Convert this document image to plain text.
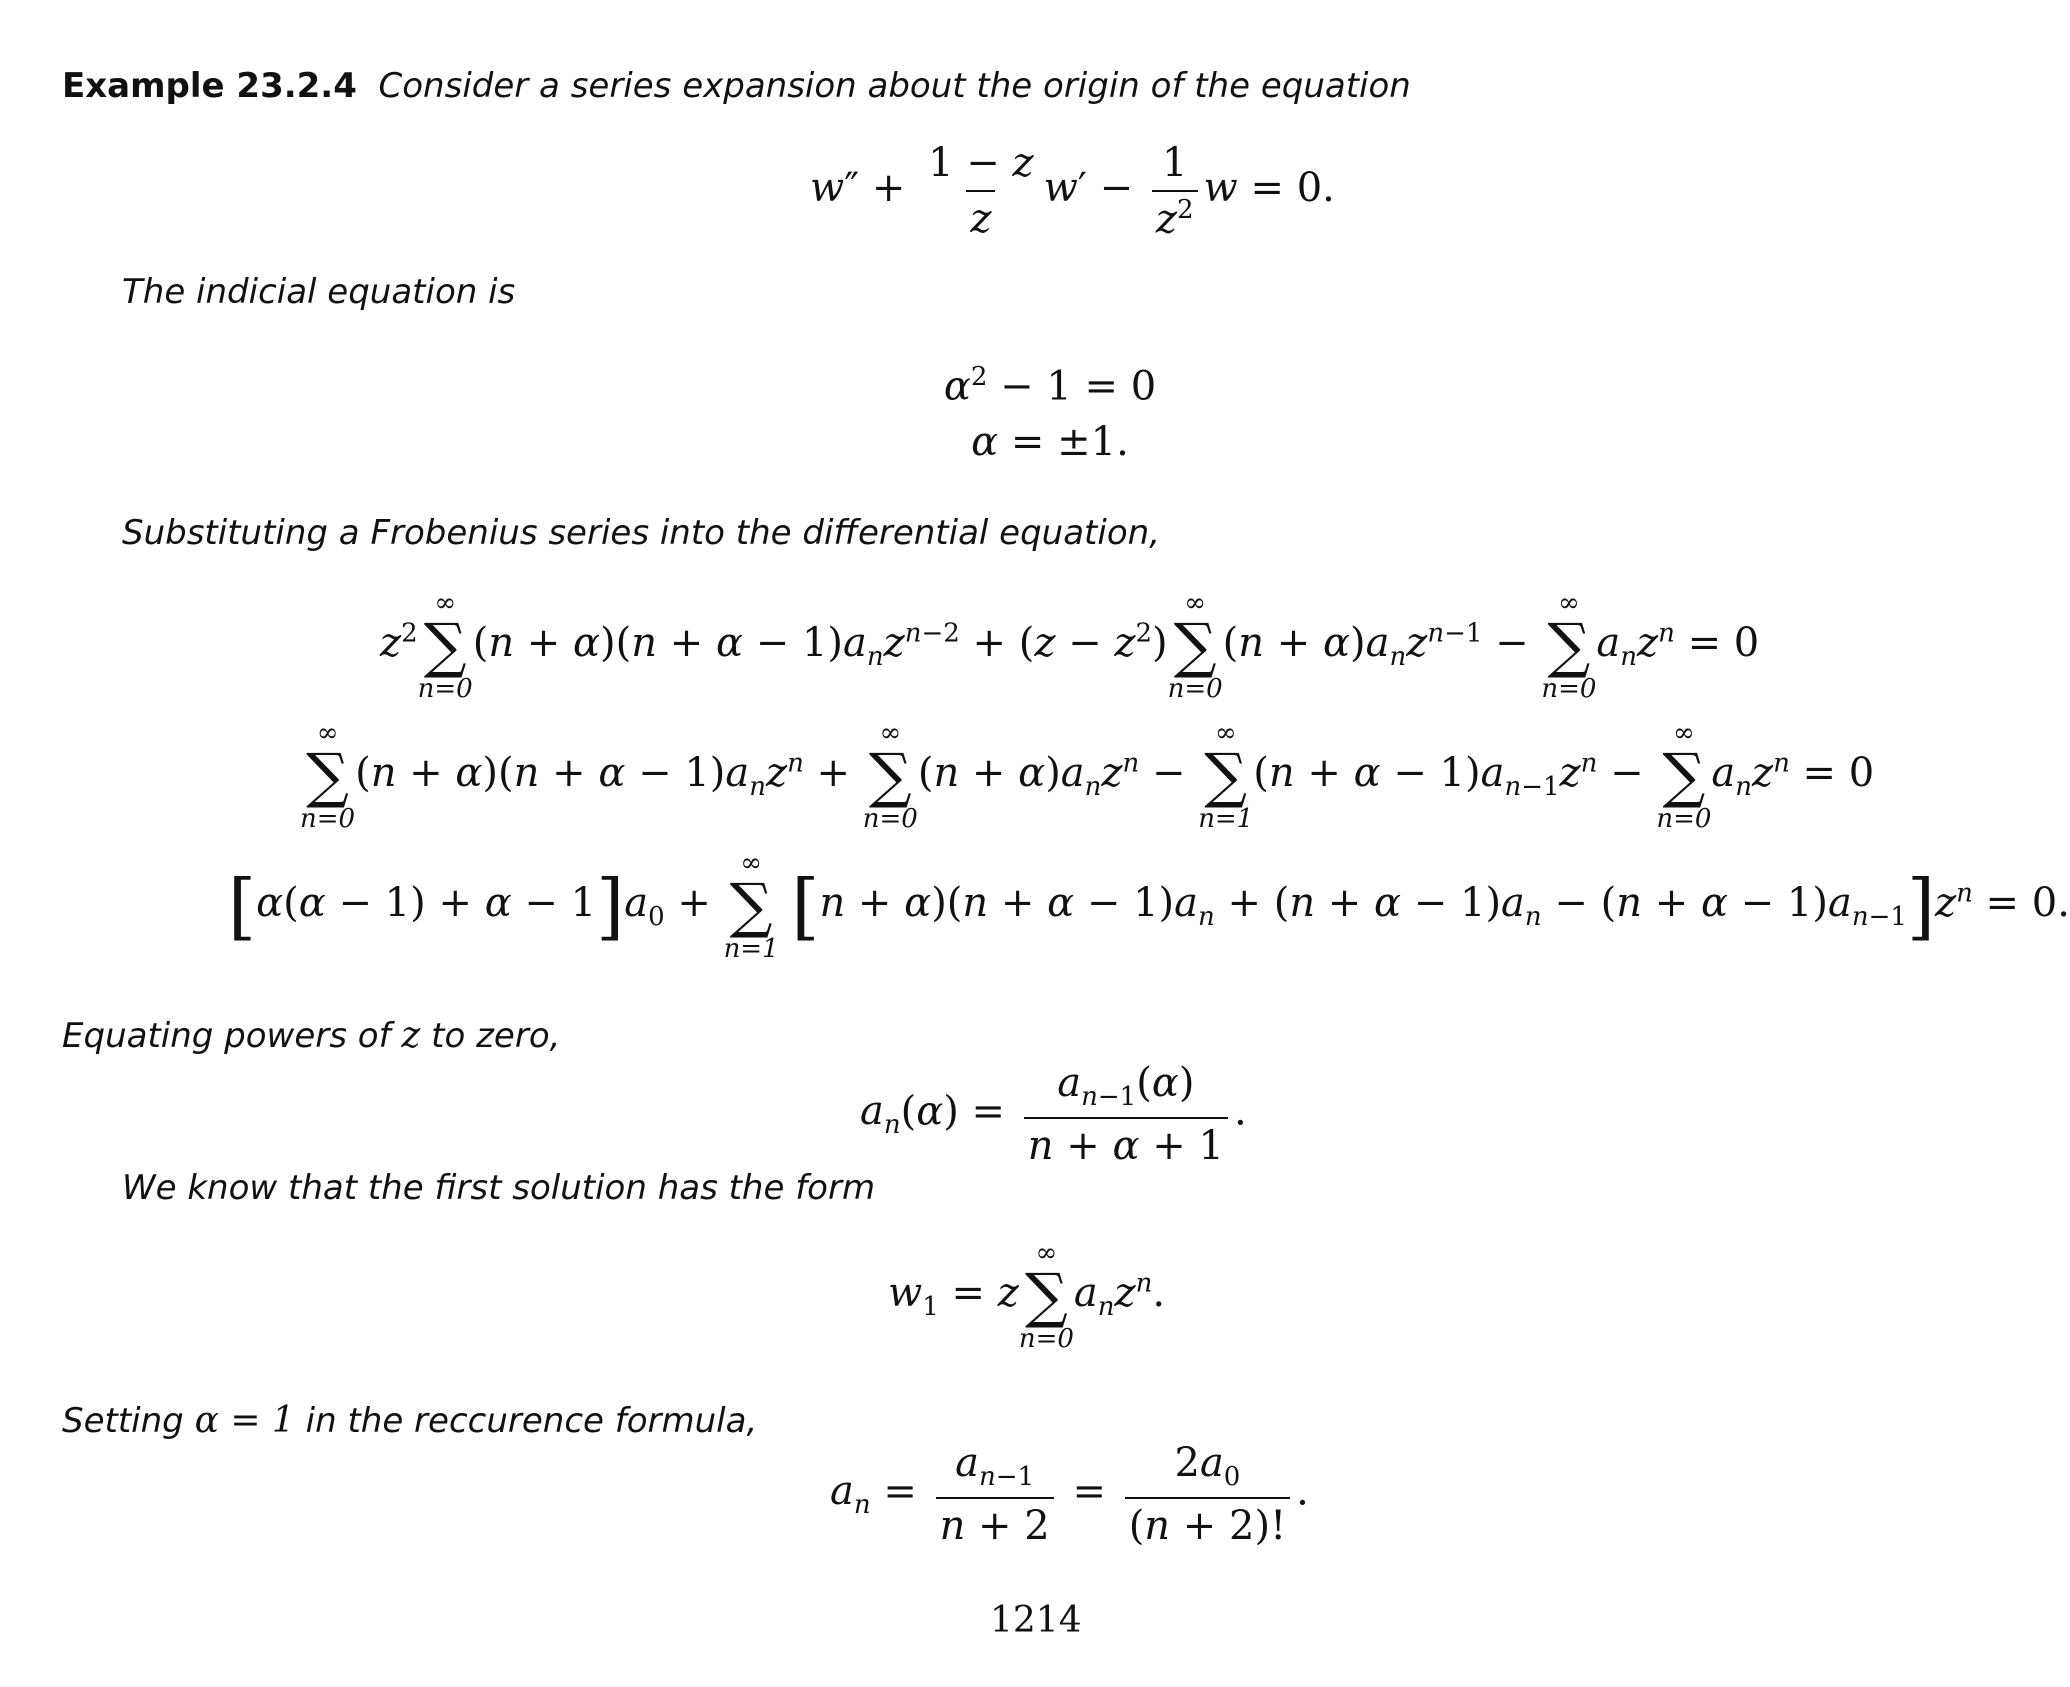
Example 23.2.4 Consider a series expansion about the origin of the equation
$w'' + \frac{1 - z}{z} w' - \frac{1}{z^2}$ w = 0.
The indicial equation is
$\alpha^2 - 1 = 0$
α = ±1.
Substituting a Frobenius series into the differential equation,
$z^2$
∞
∑
n=0
$(n + \alpha)(n + \alpha - 1)a_nz^{n-2} + (z - z^2)$
∞
∑
n=0
$(n + \alpha)a_nz^{n-1}$ −
∞
∑
n=0
$a_nz^n = 0$
∞
∑
n=0
$(n + \alpha)(n + \alpha - 1)a_nz^n$ +
∞
∑
n=0
$(n + \alpha)a_nz^n$ −
∞
∑
n=1
$(n + \alpha - 1)a_{n-1}z^n$ −
∞
∑
n=0
$a_nz^n = 0$
$[\alpha(\alpha - 1) + \alpha - 1]a_0$ +
∞
∑
n=1
$[n + \alpha)(n + \alpha - 1)a_n + (n + \alpha - 1)a_n - (n + \alpha - 1)a_{n-1}]z^n = 0$.
Equating powers of z to zero,
$a_n(\alpha) = \frac{a_{n-1}(\alpha)}{n + \alpha + 1}$ .
We know that the first solution has the form
$w_1 = z$
∞
∑
n=0
$a_nz^n$.
Setting α = 1 in the reccurence formula,
$a_n = \frac{a_{n-1}}{n + 2} = \frac{2a_0}{(n + 2)!}$ .
1214
